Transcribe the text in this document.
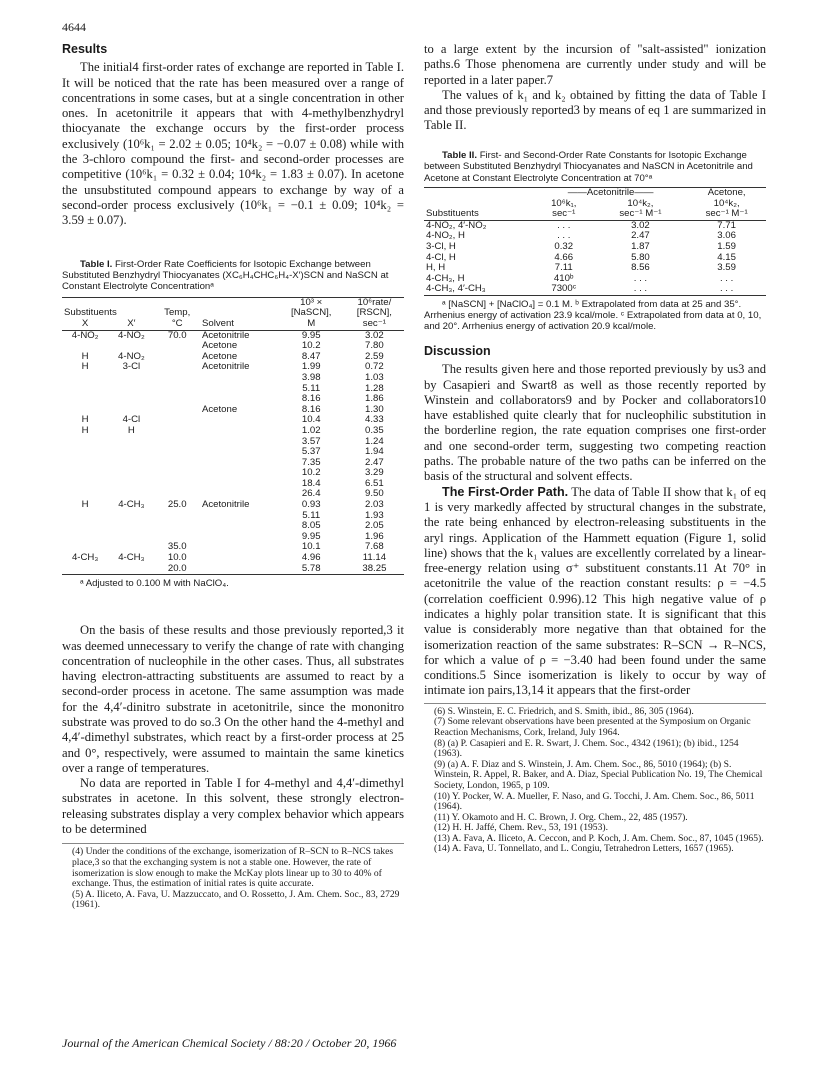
4644
Results

The initial4 first-order rates of exchange are reported in Table I. It will be noticed that the rate has been measured over a range of concentrations in some cases, but at a single concentration in other ones. In acetonitrile it appears that with 4-methylbenzhydryl thiocyanate the exchange occurs by the first-order process exclusively (10⁶k₁ = 2.02 ± 0.05; 10⁴k₂ = −0.07 ± 0.08) while with the 3-chloro compound the first- and second-order processes are competitive (10⁶k₁ = 0.32 ± 0.04; 10⁴k₂ = 1.83 ± 0.07). In acetone the unsubstituted compound appears to exchange by way of a second-order process exclusively (10⁶k₁ = −0.1 ± 0.09; 10⁴k₂ = 3.59 ± 0.07).

Table I. First-Order Rate Coefficients for Isotopic Exchange between Substituted Benzhydryl Thiocyanates (XC₆H₄CHC₆H₄-X′)SCN and NaSCN at Constant Electrolyte Concentrationᵃ

				10³ ×	10⁶rate/
Substituents		Temp,		[NaSCN],	[RSCN],
X	X′	°C	Solvent	M	sec⁻¹
4-NO₂	4-NO₂	70.0	Acetonitrile	9.95	3.02
			Acetone	10.2	7.80
H	4-NO₂		Acetone	8.47	2.59
H	3-Cl		Acetonitrile	1.99	0.72
				3.98	1.03
				5.11	1.28
				8.16	1.86
			Acetone	8.16	1.30
H	4-Cl			10.4	4.33
H	H			1.02	0.35
				3.57	1.24
				5.37	1.94
				7.35	2.47
				10.2	3.29
				18.4	6.51
				26.4	9.50
H	4-CH₃	25.0	Acetonitrile	0.93	2.03
				5.11	1.93
				8.05	2.05
				9.95	1.96
		35.0		10.1	7.68
4-CH₃	4-CH₃	10.0		4.96	11.14
		20.0		5.78	38.25

ᵃ Adjusted to 0.100 M with NaClO₄.

On the basis of these results and those previously reported,3 it was deemed unnecessary to verify the change of rate with changing concentration of nucleophile in the other cases. Thus, all substrates having electron-attracting substituents are assumed to react by a second-order process in acetone. The same assumption was made for the 4,4′-dinitro substrate in acetonitrile, since the mononitro substrate was proved to do so.3 On the other hand the 4-methyl and 4,4′-dimethyl substrates, which react by a first-order process at 25 and 0°, respectively, were assumed to maintain the same kinetics over a range of temperatures.

No data are reported in Table I for 4-methyl and 4,4′-dimethyl substrates in acetone. In this solvent, these strongly electron-releasing substrates display a very complex behavior which appears to be determined

(4) Under the conditions of the exchange, isomerization of R–SCN to R–NCS takes place,3 so that the exchanging system is not a stable one. However, the rate of isomerization is slow enough to make the McKay plots linear up to 30 to 40% of exchange. Thus, the estimation of initial rates is quite accurate.

(5) A. Iliceto, A. Fava, U. Mazzuccato, and O. Rossetto, J. Am. Chem. Soc., 83, 2729 (1961).

to a large extent by the incursion of "salt-assisted" ionization paths.6 Those phenomena are currently under study and will be reported in a later paper.7

The values of k₁ and k₂ obtained by fitting the data of Table I and those previously reported3 by means of eq 1 are summarized in Table II.

Table II. First- and Second-Order Rate Constants for Isotopic Exchange between Substituted Benzhydryl Thiocyanates and NaSCN in Acetonitrile and Acetone at Constant Electrolyte Concentration at 70°ᵃ

	——Acetonitrile——		Acetone,
	10⁶k₁,	10⁴k₂,	10⁴k₂,
Substituents	sec⁻¹	sec⁻¹ M⁻¹	sec⁻¹ M⁻¹
4-NO₂, 4′-NO₂	. . .	3.02	7.71
4-NO₂, H	. . .	2.47	3.06
3-Cl, H	0.32	1.87	1.59
4-Cl, H	4.66	5.80	4.15
H, H	7.11	8.56	3.59
4-CH₃, H	410ᵇ	. . .	. . .
4-CH₃, 4′-CH₃	7300ᶜ	. . .	. . .

ᵃ [NaSCN] + [NaClO₄] = 0.1 M. ᵇ Extrapolated from data at 25 and 35°. Arrhenius energy of activation 23.9 kcal/mole. ᶜ Extrapolated from data at 0, 10, and 20°. Arrhenius energy of activation 20.9 kcal/mole.

Discussion

The results given here and those reported previously by us3 and by Casapieri and Swart8 as well as those recently reported by Winstein and collaborators9 and by Pocker and collaborators10 have established quite clearly that for nucleophilic substitution in the borderline region, the rate equation comprises one first-order and one second-order term, suggesting two competing reaction paths. The probable nature of the two paths can be inferred on the basis of the structural and solvent effects.

The First-Order Path. The data of Table II show that k₁ of eq 1 is very markedly affected by structural changes in the substrate, the rate being enhanced by electron-releasing substituents in the aryl rings. Application of the Hammett equation (Figure 1, solid line) shows that the k₁ values are excellently correlated by a linear-free-energy relation using σ⁺ substituent constants.11 At 70° in acetonitrile the value of the reaction constant results: ρ = −4.5 (correlation coefficient 0.996).12 This high negative value of ρ indicates a highly polar transition state. It is significant that this value is considerably more negative than that obtained for the isomerization reaction of the same substrates: R–SCN → R–NCS, for which a value of ρ = −3.40 had been found under the same conditions.5 Since isomerization is likely to occur by way of intimate ion pairs,13,14 it appears that the first-order

(6) S. Winstein, E. C. Friedrich, and S. Smith, ibid., 86, 305 (1964).

(7) Some relevant observations have been presented at the Symposium on Organic Reaction Mechanisms, Cork, Ireland, July 1964.

(8) (a) P. Casapieri and E. R. Swart, J. Chem. Soc., 4342 (1961); (b) ibid., 1254 (1963).

(9) (a) A. F. Diaz and S. Winstein, J. Am. Chem. Soc., 86, 5010 (1964); (b) S. Winstein, R. Appel, R. Baker, and A. Diaz, Special Publication No. 19, The Chemical Society, London, 1965, p 109.

(10) Y. Pocker, W. A. Mueller, F. Naso, and G. Tocchi, J. Am. Chem. Soc., 86, 5011 (1964).

(11) Y. Okamoto and H. C. Brown, J. Org. Chem., 22, 485 (1957).

(12) H. H. Jaffé, Chem. Rev., 53, 191 (1953).

(13) A. Fava, A. Iliceto, A. Ceccon, and P. Koch, J. Am. Chem. Soc., 87, 1045 (1965).

(14) A. Fava, U. Tonnellato, and L. Congiu, Tetrahedron Letters, 1657 (1965).

Journal of the American Chemical Society / 88:20 / October 20, 1966
